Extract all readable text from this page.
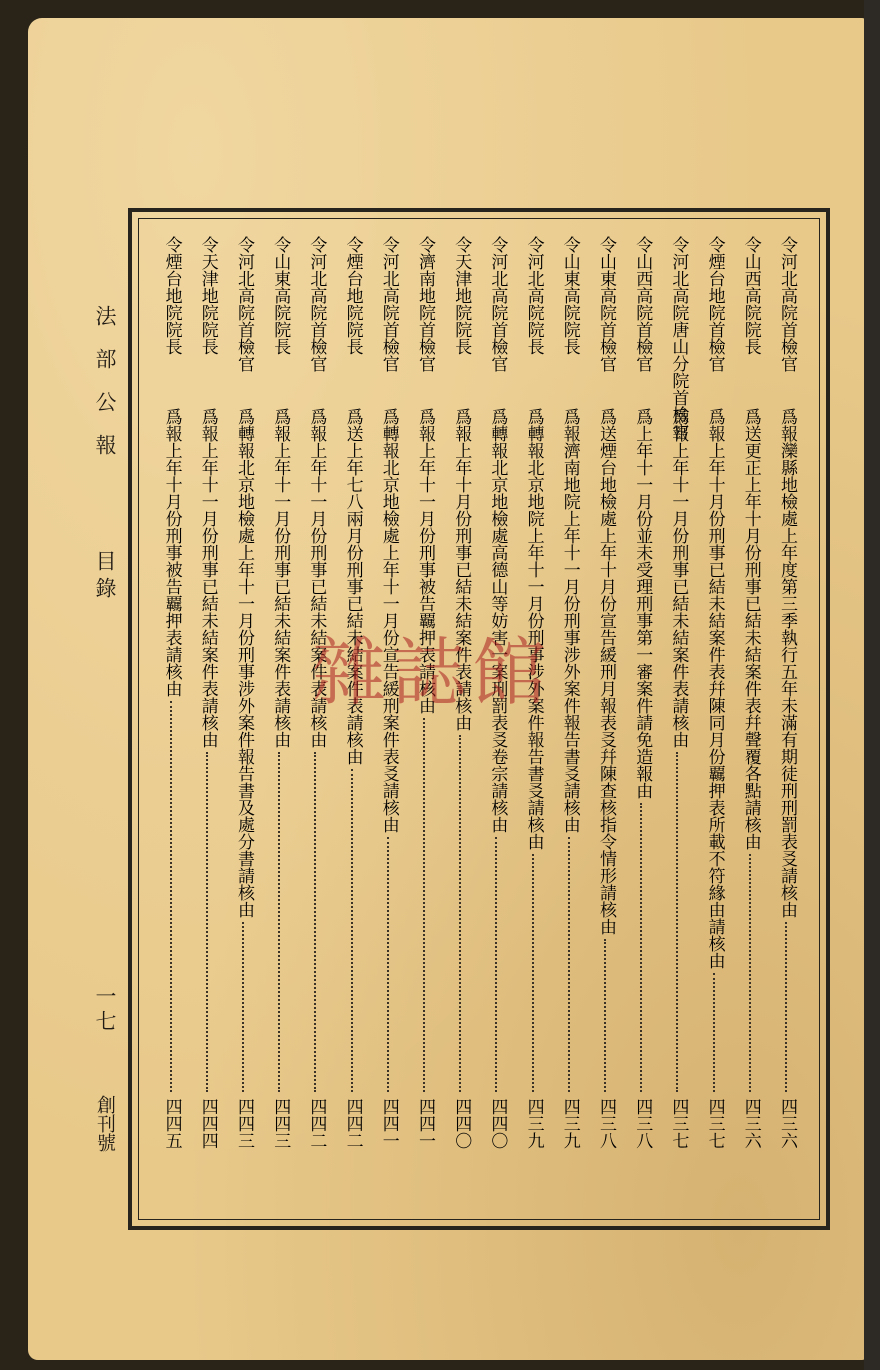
法部公報
目錄
一七
創刊號
令河北高院首檢官
爲報灤縣地檢處上年度第三季執行五年未滿有期徒刑刑罰表㕛請核由
四三六
令山西高院院長
爲送更正上年十月份刑事已結未結案件表幷聲覆各點請核由
四三六
令煙台地院首檢官
爲報上年十月份刑事已結未結案件表幷陳同月份覊押表所載不符緣由請核由
四三七
令河北高院唐山分院首檢官
爲報上年十一月份刑事已結未結案件表請核由
四三七
令山西高院首檢官
爲上年十一月份並未受理刑事第一審案件請免造報由
四三八
令山東高院首檢官
爲送煙台地檢處上年十月份宣告緩刑月報表㕛幷陳查核指令情形請核由
四三八
令山東高院院長
爲報濟南地院上年十一月份刑事涉外案件報告書㕛請核由
四三九
令河北高院院長
爲轉報北京地院上年十一月份刑事涉外案件報告書㕛請核由
四三九
令河北高院首檢官
爲轉報北京地檢處高德山等妨害一案刑罰表㕛卷宗請核由
四四〇
令天津地院院長
爲報上年十月份刑事已結未結案件表請核由
四四〇
令濟南地院首檢官
爲報上年十一月份刑事被告覊押表請核由
四四一
令河北高院首檢官
爲轉報北京地檢處上年十一月份宣告緩刑案件表㕛請核由
四四一
令煙台地院院長
爲送上年七八兩月份刑事已結未結案件表請核由
四四二
令河北高院首檢官
爲報上年十一月份刑事已結未結案件表請核由
四四二
令山東高院院長
爲報上年十一月份刑事已結未結案件表請核由
四四三
令河北高院首檢官
爲轉報北京地檢處上年十一月份刑事涉外案件報告書及處分書請核由
四四三
令天津地院院長
爲報上年十一月份刑事已結未結案件表請核由
四四四
令煙台地院院長
爲報上年十月份刑事被告覊押表請核由
四四五
雜誌館
